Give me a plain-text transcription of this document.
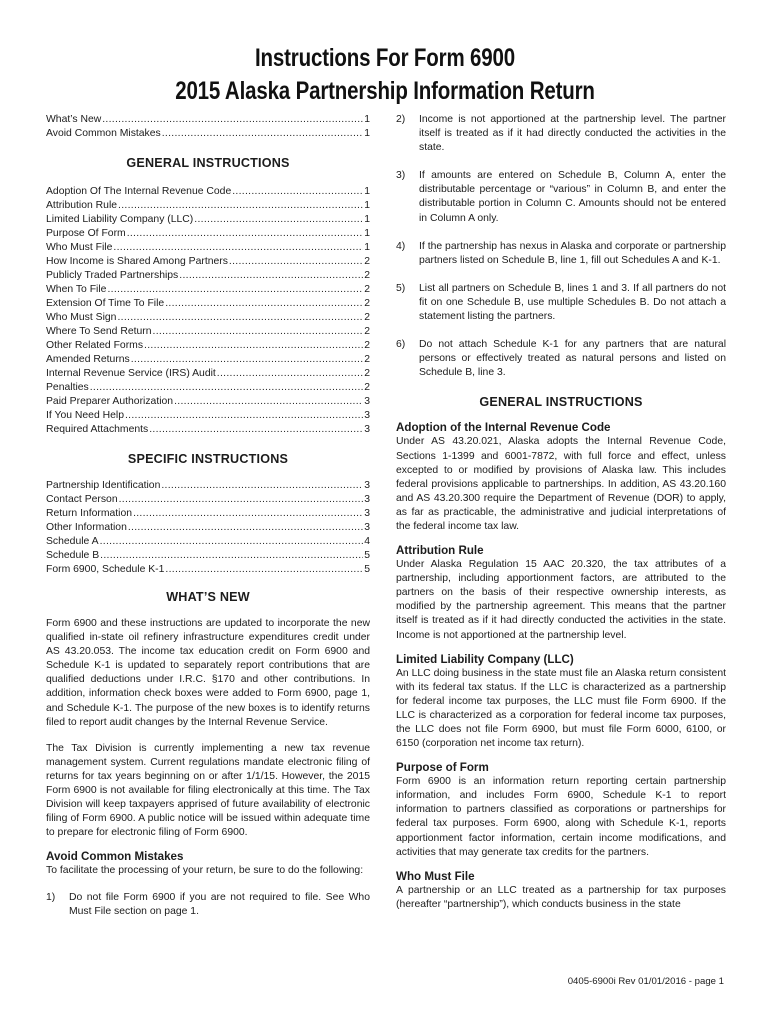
Instructions For Form 6900
2015 Alaska Partnership Information Return
What’s New .....	1
Avoid Common Mistakes .....	1
GENERAL INSTRUCTIONS
Adoption Of The Internal Revenue Code .....	1
Attribution Rule .....	1
Limited Liability Company (LLC) .....	1
Purpose Of Form .....	1
Who Must File .....	1
How Income is Shared Among Partners .....	2
Publicly Traded Partnerships .....	2
When To File .....	2
Extension Of Time To File .....	2
Who Must Sign .....	2
Where To Send Return .....	2
Other Related Forms .....	2
Amended Returns .....	2
Internal Revenue Service (IRS) Audit .....	2
Penalties .....	2
Paid Preparer Authorization .....	3
If You Need Help .....	3
Required Attachments .....	3
SPECIFIC INSTRUCTIONS
Partnership Identification .....	3
Contact Person .....	3
Return Information .....	3
Other Information .....	3
Schedule A .....	4
Schedule B .....	5
Form 6900, Schedule K-1 .....	5
WHAT’S NEW
Form 6900 and these instructions are updated to incorporate the new qualified in-state oil refinery infrastructure expenditures credit under AS 43.20.053. The income tax education credit on Form 6900 and Schedule K-1 is updated to separately report contributions that are qualified deductions under I.R.C. §170 and other contributions. In addition, information check boxes were added to Form 6900, page 1, and Schedule K-1. The purpose of the new boxes is to identify returns filed to report audit changes by the Internal Revenue Service.
The Tax Division is currently implementing a new tax revenue management system. Current regulations mandate electronic filing of returns for tax years beginning on or after 1/1/15. However, the 2015 Form 6900 is not available for filing electronically at this time. The Tax Division will keep taxpayers apprised of future availability of electronic filing of Form 6900. A public notice will be issued within adequate time to prepare for electronic filing of Form 6900.
Avoid Common Mistakes
To facilitate the processing of your return, be sure to do the following:
1)	Do not file Form 6900 if you are not required to file. See Who Must File section on page 1.
2)	Income is not apportioned at the partnership level. The partner itself is treated as if it had directly conducted the activities in the state.
3)	If amounts are entered on Schedule B, Column A, enter the distributable percentage or “various” in Column B, and enter the distributable portion in Column C. Amounts should not be entered in Column A only.
4)	If the partnership has nexus in Alaska and corporate or partnership partners listed on Schedule B, line 1, fill out Schedules A and K-1.
5)	List all partners on Schedule B, lines 1 and 3. If all partners do not fit on one Schedule B, use multiple Schedules B. Do not attach a statement listing the partners.
6)	Do not attach Schedule K-1 for any partners that are natural persons or effectively treated as natural persons and listed on Schedule B, line 3.
GENERAL INSTRUCTIONS
Adoption of the Internal Revenue Code
Under AS 43.20.021, Alaska adopts the Internal Revenue Code, Sections 1-1399 and 6001-7872, with full force and effect, unless excepted to or modified by provisions of Alaska law. This includes federal provisions applicable to partnerships. In addition, AS 43.20.160 and AS 43.20.300 require the Department of Revenue (DOR) to apply, as far as practicable, the administrative and judicial interpretations of the federal income tax law.
Attribution Rule
Under Alaska Regulation 15 AAC 20.320, the tax attributes of a partnership, including apportionment factors, are attributed to the partners on the basis of their respective ownership interests, as modified by the partnership agreement. This means that the partner itself is treated as if it had directly conducted the activities in the state. Income is not apportioned at the partnership level.
Limited Liability Company (LLC)
An LLC doing business in the state must file an Alaska return consistent with its federal tax status. If the LLC is characterized as a partnership for federal income tax purposes, the LLC must file Form 6900. If the LLC is characterized as a corporation for federal income tax purposes, the LLC does not file Form 6900, but must file Form 6000, 6100, or 6150 (corporation net income tax return).
Purpose of Form
Form 6900 is an information return reporting certain partnership information, and includes Form 6900, Schedule K-1 to report information to partners classified as corporations or partnerships for federal tax purposes. Form 6900, along with Schedule K-1, reports apportionment factor information, certain income modifications, and activities that may generate tax credits for the partners.
Who Must File
A partnership or an LLC treated as a partnership for tax purposes (hereafter “partnership”), which conducts business in the state
0405-6900i Rev 01/01/2016 - page 1
